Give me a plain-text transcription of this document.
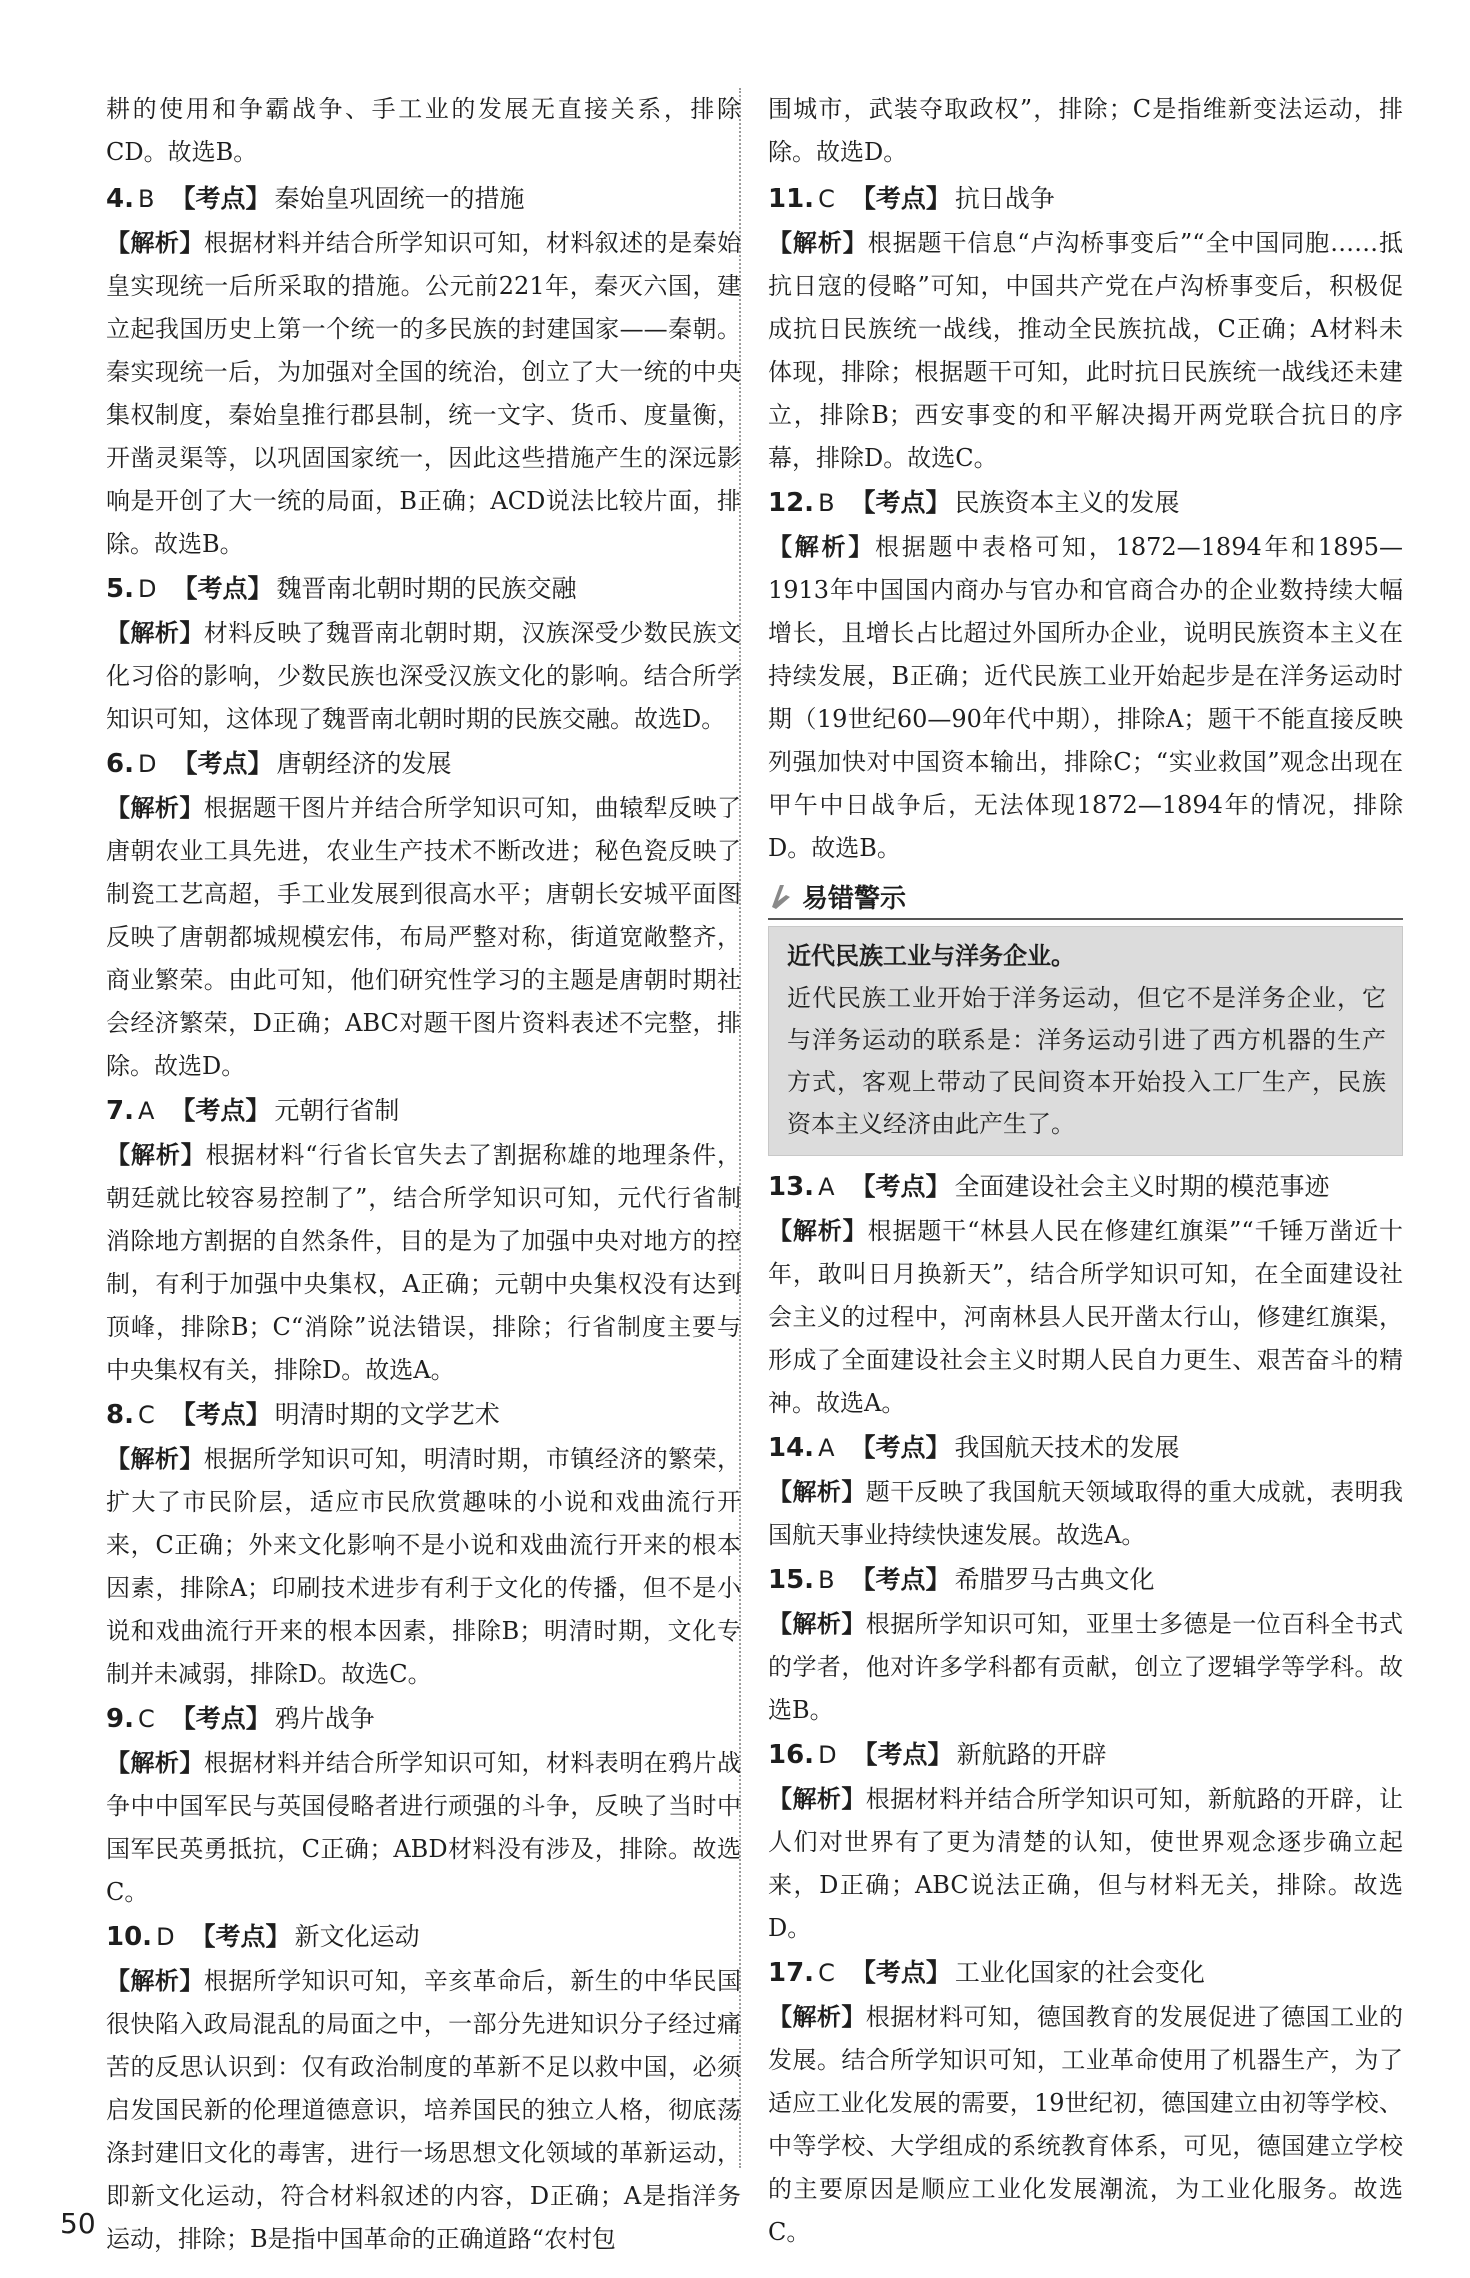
耕的使用和争霸战争、手工业的发展无直接关系，排除CD。故选B。

4. B 【考点】 秦始皇巩固统一的措施
【解析】根据材料并结合所学知识可知，材料叙述的是秦始皇实现统一后所采取的措施。公元前221年，秦灭六国，建立起我国历史上第一个统一的多民族的封建国家——秦朝。秦实现统一后，为加强对全国的统治，创立了大一统的中央集权制度，秦始皇推行郡县制，统一文字、货币、度量衡，开凿灵渠等，以巩固国家统一，因此这些措施产生的深远影响是开创了大一统的局面，B正确；ACD说法比较片面，排除。故选B。
5. D 【考点】 魏晋南北朝时期的民族交融
【解析】材料反映了魏晋南北朝时期，汉族深受少数民族文化习俗的影响，少数民族也深受汉族文化的影响。结合所学知识可知，这体现了魏晋南北朝时期的民族交融。故选D。
6. D 【考点】 唐朝经济的发展
【解析】根据题干图片并结合所学知识可知，曲辕犁反映了唐朝农业工具先进，农业生产技术不断改进；秘色瓷反映了制瓷工艺高超，手工业发展到很高水平；唐朝长安城平面图反映了唐朝都城规模宏伟，布局严整对称，街道宽敞整齐，商业繁荣。由此可知，他们研究性学习的主题是唐朝时期社会经济繁荣，D正确；ABC对题干图片资料表述不完整，排除。故选D。
7. A 【考点】 元朝行省制
【解析】根据材料“行省长官失去了割据称雄的地理条件，朝廷就比较容易控制了”，结合所学知识可知，元代行省制消除地方割据的自然条件，目的是为了加强中央对地方的控制，有利于加强中央集权，A正确；元朝中央集权没有达到顶峰，排除B；C“消除”说法错误，排除；行省制度主要与中央集权有关，排除D。故选A。
8. C 【考点】 明清时期的文学艺术
【解析】根据所学知识可知，明清时期，市镇经济的繁荣，扩大了市民阶层，适应市民欣赏趣味的小说和戏曲流行开来，C正确；外来文化影响不是小说和戏曲流行开来的根本因素，排除A；印刷技术进步有利于文化的传播，但不是小说和戏曲流行开来的根本因素，排除B；明清时期，文化专制并未减弱，排除D。故选C。
9. C 【考点】 鸦片战争
【解析】根据材料并结合所学知识可知，材料表明在鸦片战争中中国军民与英国侵略者进行顽强的斗争，反映了当时中国军民英勇抵抗，C正确；ABD材料没有涉及，排除。故选C。
10. D 【考点】 新文化运动
【解析】根据所学知识可知，辛亥革命后，新生的中华民国很快陷入政局混乱的局面之中，一部分先进知识分子经过痛苦的反思认识到：仅有政治制度的革新不足以救中国，必须启发国民新的伦理道德意识，培养国民的独立人格，彻底荡涤封建旧文化的毒害，进行一场思想文化领域的革新运动，即新文化运动，符合材料叙述的内容，D正确；A是指洋务运动，排除；B是指中国革命的正确道路“农村包

围城市，武装夺取政权”，排除；C是指维新变法运动，排除。故选D。

11. C 【考点】 抗日战争
【解析】根据题干信息“卢沟桥事变后”“全中国同胞……抵抗日寇的侵略”可知，中国共产党在卢沟桥事变后，积极促成抗日民族统一战线，推动全民族抗战，C正确；A材料未体现，排除；根据题干可知，此时抗日民族统一战线还未建立，排除B；西安事变的和平解决揭开两党联合抗日的序幕，排除D。故选C。
12. B 【考点】 民族资本主义的发展
【解析】根据题中表格可知，1872—1894年和1895—1913年中国国内商办与官办和官商合办的企业数持续大幅增长，且增长占比超过外国所办企业，说明民族资本主义在持续发展，B正确；近代民族工业开始起步是在洋务运动时期（19世纪60—90年代中期），排除A；题干不能直接反映列强加快对中国资本输出，排除C；“实业救国”观念出现在甲午中日战争后，无法体现1872—1894年的情况，排除D。故选B。
易错警示
近代民族工业与洋务企业。
近代民族工业开始于洋务运动，但它不是洋务企业，它与洋务运动的联系是：洋务运动引进了西方机器的生产方式，客观上带动了民间资本开始投入工厂生产，民族资本主义经济由此产生了。
13. A 【考点】 全面建设社会主义时期的模范事迹
【解析】根据题干“林县人民在修建红旗渠”“千锤万凿近十年，敢叫日月换新天”，结合所学知识可知，在全面建设社会主义的过程中，河南林县人民开凿太行山，修建红旗渠，形成了全面建设社会主义时期人民自力更生、艰苦奋斗的精神。故选A。
14. A 【考点】 我国航天技术的发展
【解析】题干反映了我国航天领域取得的重大成就，表明我国航天事业持续快速发展。故选A。
15. B 【考点】 希腊罗马古典文化
【解析】根据所学知识可知，亚里士多德是一位百科全书式的学者，他对许多学科都有贡献，创立了逻辑学等学科。故选B。
16. D 【考点】 新航路的开辟
【解析】根据材料并结合所学知识可知，新航路的开辟，让人们对世界有了更为清楚的认知，使世界观念逐步确立起来，D正确；ABC说法正确，但与材料无关，排除。故选D。
17. C 【考点】 工业化国家的社会变化
【解析】根据材料可知，德国教育的发展促进了德国工业的发展。结合所学知识可知，工业革命使用了机器生产，为了适应工业化发展的需要，19世纪初，德国建立由初等学校、中等学校、大学组成的系统教育体系，可见，德国建立学校的主要原因是顺应工业化发展潮流，为工业化服务。故选C。
50
